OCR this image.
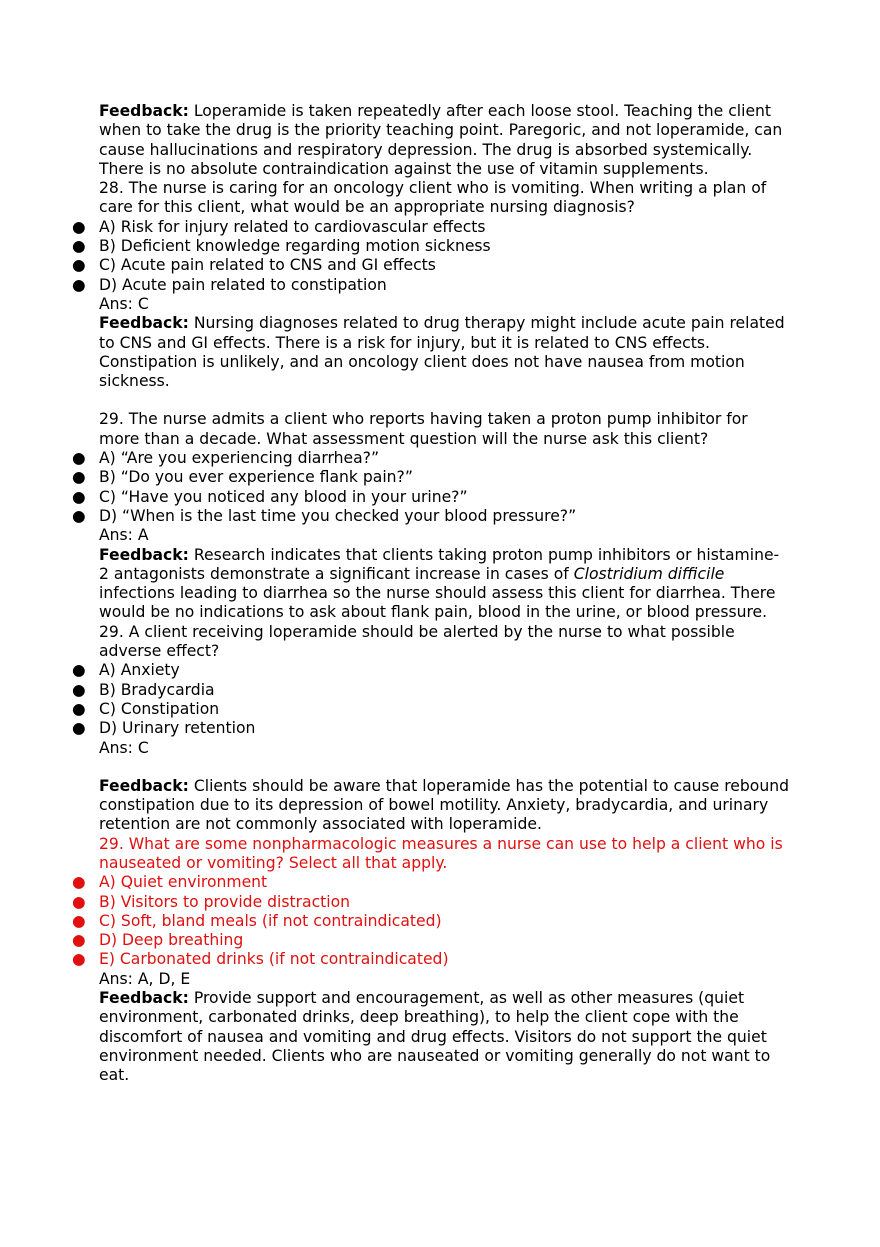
Feedback: Loperamide is taken repeatedly after each loose stool. Teaching the client when to take the drug is the priority teaching point. Paregoric, and not loperamide, can cause hallucinations and respiratory depression. The drug is absorbed systemically. There is no absolute contraindication against the use of vitamin supplements.

28. The nurse is caring for an oncology client who is vomiting. When writing a plan of care for this client, what would be an appropriate nursing diagnosis?

● A) Risk for injury related to cardiovascular effects
● B) Deficient knowledge regarding motion sickness
● C) Acute pain related to CNS and GI effects
● D) Acute pain related to constipation

Ans: C

Feedback: Nursing diagnoses related to drug therapy might include acute pain related to CNS and GI effects. There is a risk for injury, but it is related to CNS effects. Constipation is unlikely, and an oncology client does not have nausea from motion sickness.

29. The nurse admits a client who reports having taken a proton pump inhibitor for more than a decade. What assessment question will the nurse ask this client?

● A) “Are you experiencing diarrhea?”
● B) “Do you ever experience flank pain?”
● C) “Have you noticed any blood in your urine?”
● D) “When is the last time you checked your blood pressure?”

Ans: A

Feedback: Research indicates that clients taking proton pump inhibitors or histamine-2 antagonists demonstrate a significant increase in cases of Clostridium difficile infections leading to diarrhea so the nurse should assess this client for diarrhea. There would be no indications to ask about flank pain, blood in the urine, or blood pressure.

29. A client receiving loperamide should be alerted by the nurse to what possible adverse effect?

● A) Anxiety
● B) Bradycardia
● C) Constipation
● D) Urinary retention

Ans: C

Feedback: Clients should be aware that loperamide has the potential to cause rebound constipation due to its depression of bowel motility. Anxiety, bradycardia, and urinary retention are not commonly associated with loperamide.

29. What are some nonpharmacologic measures a nurse can use to help a client who is nauseated or vomiting? Select all that apply.

● A) Quiet environment
● B) Visitors to provide distraction
● C) Soft, bland meals (if not contraindicated)
● D) Deep breathing
● E) Carbonated drinks (if not contraindicated)

Ans: A, D, E

Feedback: Provide support and encouragement, as well as other measures (quiet environment, carbonated drinks, deep breathing), to help the client cope with the discomfort of nausea and vomiting and drug effects. Visitors do not support the quiet environment needed. Clients who are nauseated or vomiting generally do not want to eat.
